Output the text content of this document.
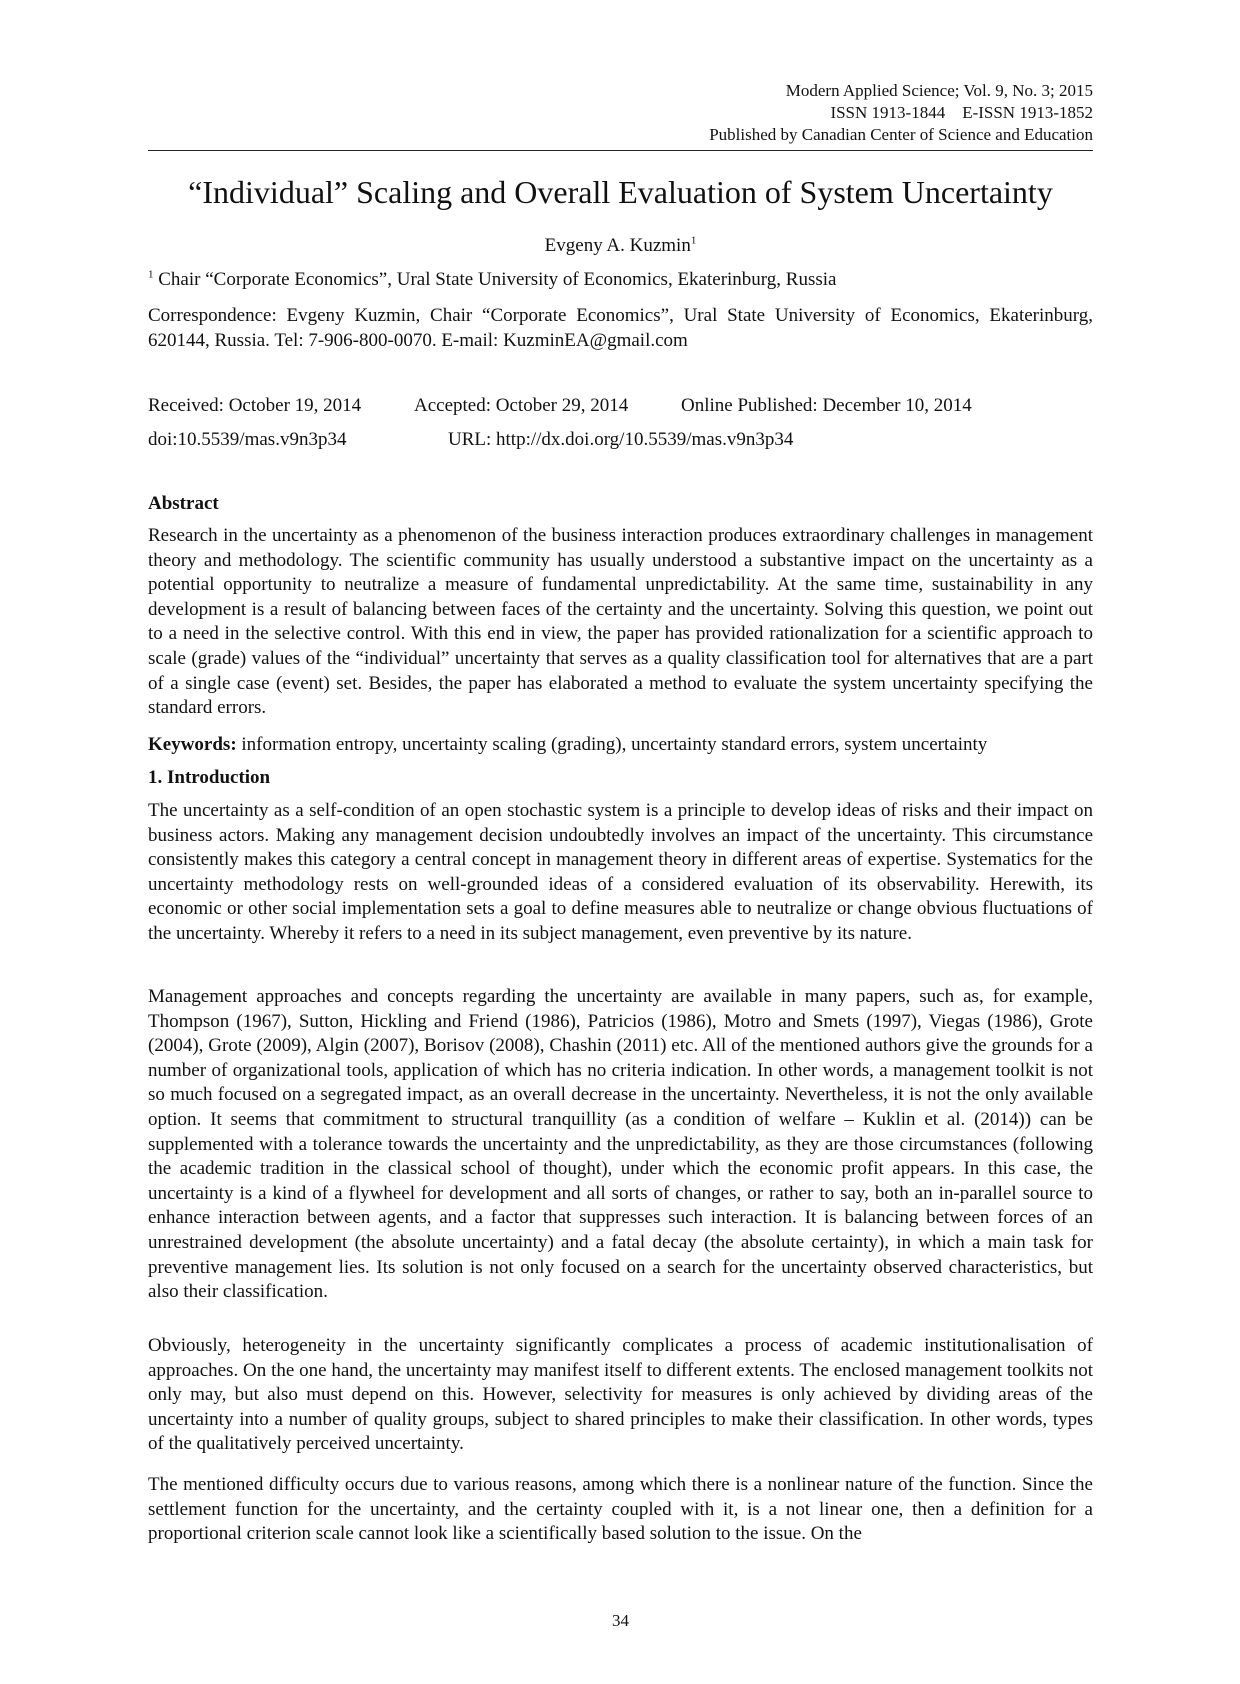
Modern Applied Science; Vol. 9, No. 3; 2015
ISSN 1913-1844    E-ISSN 1913-1852
Published by Canadian Center of Science and Education
“Individual” Scaling and Overall Evaluation of System Uncertainty
Evgeny A. Kuzmin$^1$
$^1$ Chair “Corporate Economics”, Ural State University of Economics, Ekaterinburg, Russia
Correspondence: Evgeny Kuzmin, Chair “Corporate Economics”, Ural State University of Economics, Ekaterinburg, 620144, Russia. Tel: 7-906-800-0070. E-mail: KuzminEA@gmail.com
Received: October 19, 2014	Accepted: October 29, 2014	Online Published: December 10, 2014
doi:10.5539/mas.v9n3p34	URL: http://dx.doi.org/10.5539/mas.v9n3p34
Abstract

Research in the uncertainty as a phenomenon of the business interaction produces extraordinary challenges in management theory and methodology. The scientific community has usually understood a substantive impact on the uncertainty as a potential opportunity to neutralize a measure of fundamental unpredictability. At the same time, sustainability in any development is a result of balancing between faces of the certainty and the uncertainty. Solving this question, we point out to a need in the selective control. With this end in view, the paper has provided rationalization for a scientific approach to scale (grade) values of the “individual” uncertainty that serves as a quality classification tool for alternatives that are a part of a single case (event) set. Besides, the paper has elaborated a method to evaluate the system uncertainty specifying the standard errors.

Keywords: information entropy, uncertainty scaling (grading), uncertainty standard errors, system uncertainty
1. Introduction

The uncertainty as a self-condition of an open stochastic system is a principle to develop ideas of risks and their impact on business actors. Making any management decision undoubtedly involves an impact of the uncertainty. This circumstance consistently makes this category a central concept in management theory in different areas of expertise. Systematics for the uncertainty methodology rests on well-grounded ideas of a considered evaluation of its observability. Herewith, its economic or other social implementation sets a goal to define measures able to neutralize or change obvious fluctuations of the uncertainty. Whereby it refers to a need in its subject management, even preventive by its nature.

Management approaches and concepts regarding the uncertainty are available in many papers, such as, for example, Thompson (1967), Sutton, Hickling and Friend (1986), Patricios (1986), Motro and Smets (1997), Viegas (1986), Grote (2004), Grote (2009), Algin (2007), Borisov (2008), Chashin (2011) etc. All of the mentioned authors give the grounds for a number of organizational tools, application of which has no criteria indication. In other words, a management toolkit is not so much focused on a segregated impact, as an overall decrease in the uncertainty. Nevertheless, it is not the only available option. It seems that commitment to structural tranquillity (as a condition of welfare – Kuklin et al. (2014)) can be supplemented with a tolerance towards the uncertainty and the unpredictability, as they are those circumstances (following the academic tradition in the classical school of thought), under which the economic profit appears. In this case, the uncertainty is a kind of a flywheel for development and all sorts of changes, or rather to say, both an in-parallel source to enhance interaction between agents, and a factor that suppresses such interaction. It is balancing between forces of an unrestrained development (the absolute uncertainty) and a fatal decay (the absolute certainty), in which a main task for preventive management lies. Its solution is not only focused on a search for the uncertainty observed characteristics, but also their classification.

Obviously, heterogeneity in the uncertainty significantly complicates a process of academic institutionalisation of approaches. On the one hand, the uncertainty may manifest itself to different extents. The enclosed management toolkits not only may, but also must depend on this. However, selectivity for measures is only achieved by dividing areas of the uncertainty into a number of quality groups, subject to shared principles to make their classification. In other words, types of the qualitatively perceived uncertainty.

The mentioned difficulty occurs due to various reasons, among which there is a nonlinear nature of the function. Since the settlement function for the uncertainty, and the certainty coupled with it, is a not linear one, then a definition for a proportional criterion scale cannot look like a scientifically based solution to the issue. On the

34
